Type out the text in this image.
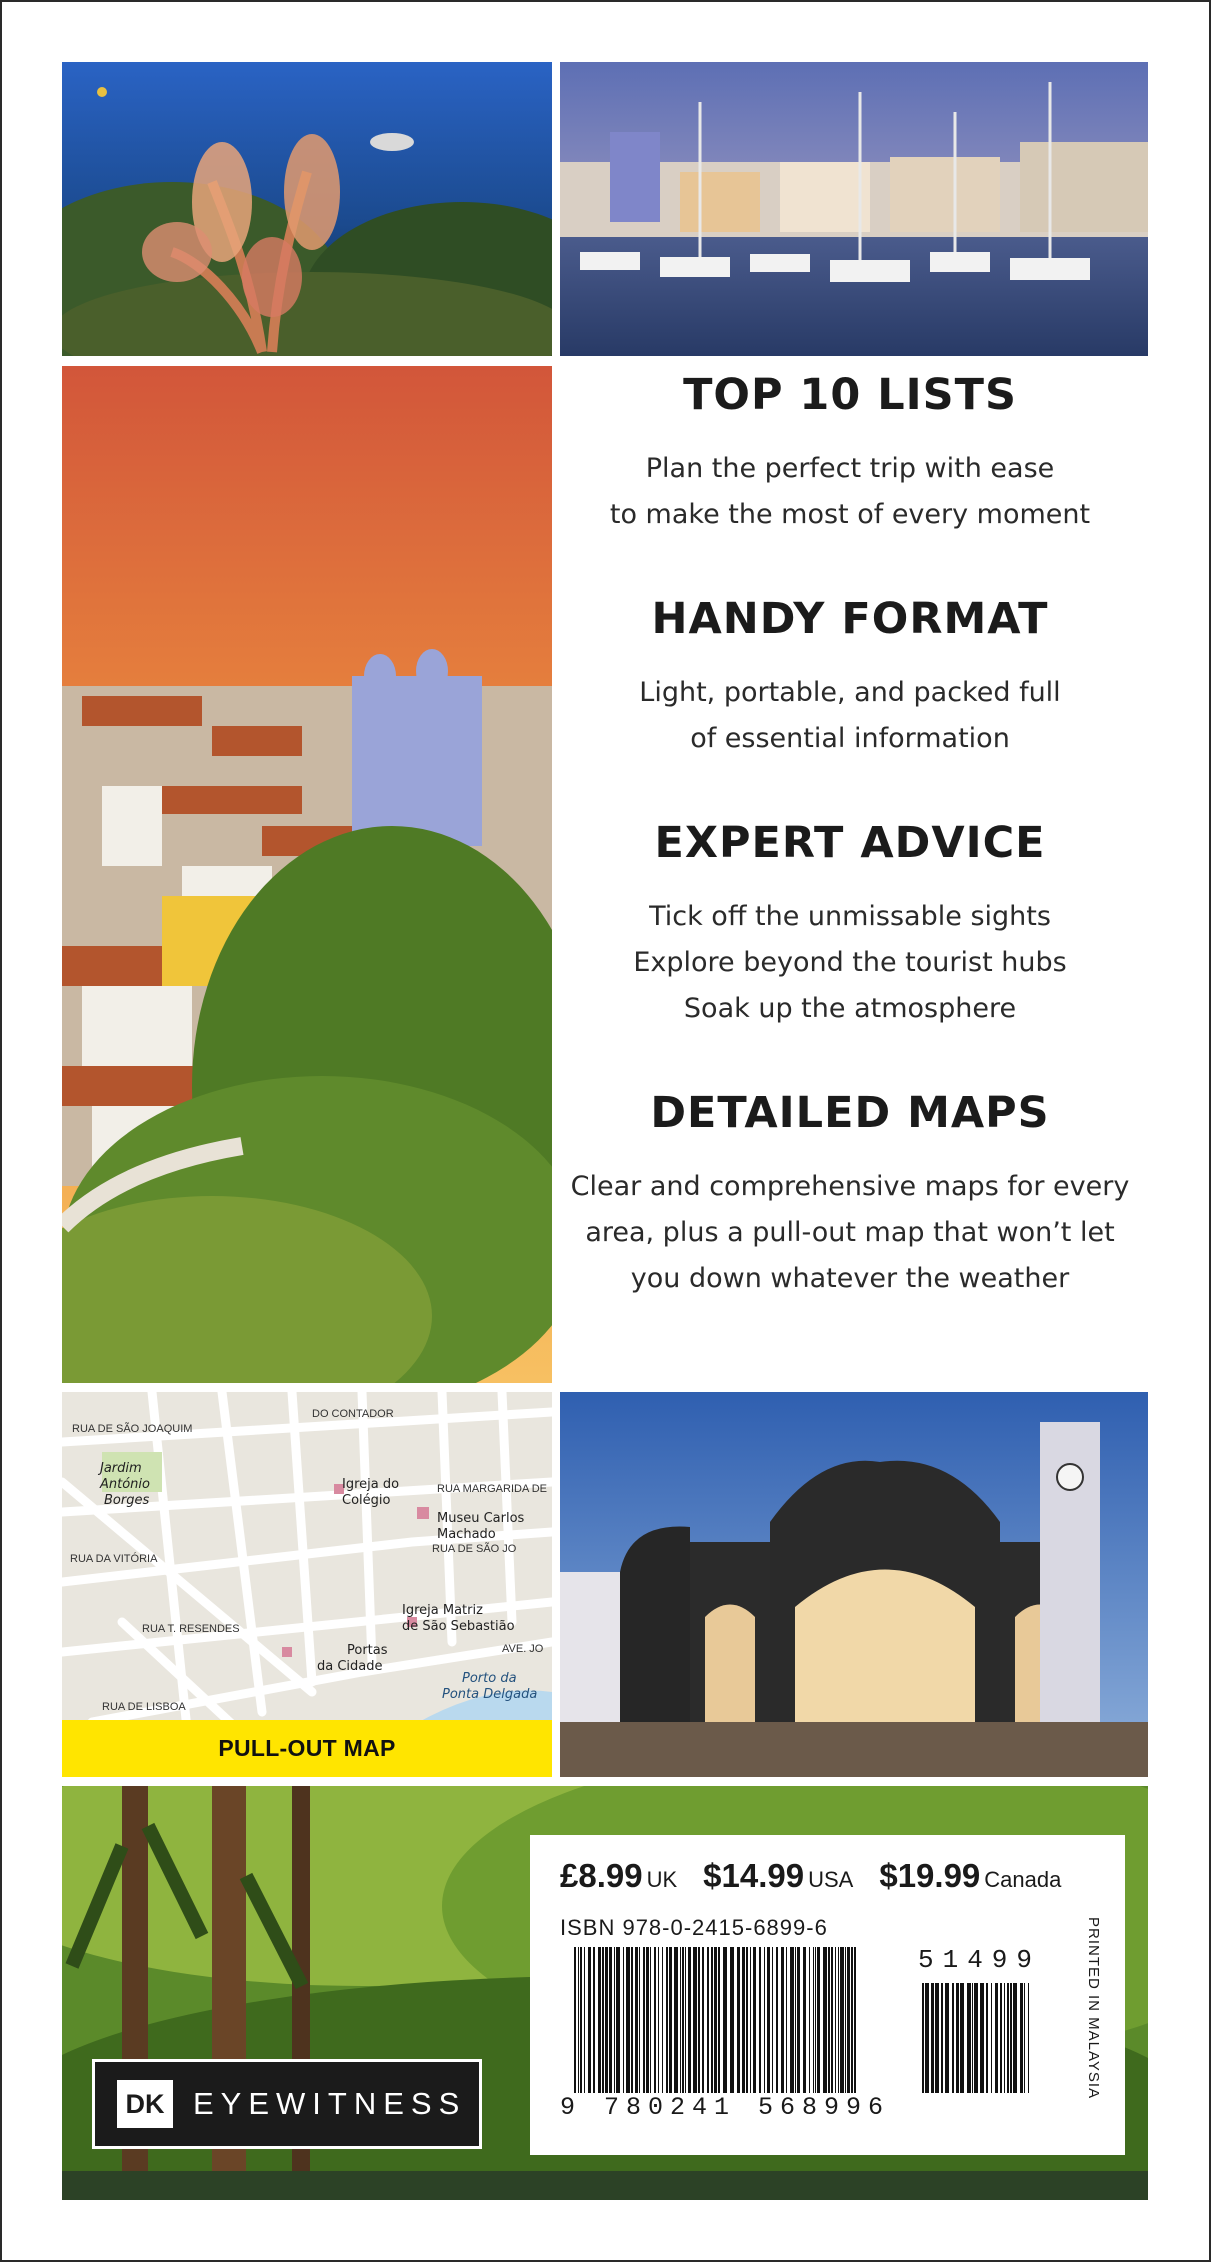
TOP 10 LISTS

Plan the perfect trip with ease

to make the most of every moment

HANDY FORMAT

Light, portable, and packed full

of essential information

EXPERT ADVICE

Tick off the unmissable sights

Explore beyond the tourist hubs

Soak up the atmosphere

DETAILED MAPS

Clear and comprehensive maps for every

area, plus a pull-out map that won’t let

you down whatever the weather

RUA DE SÃO JOAQUIM
DO CONTADOR
RUA MARGARIDA DE
RUA DA VITÓRIA
RUA DE SÃO JO
RUA T. RESENDES
RUA DE LISBOA
AVE. JO
Jardim
António
Borges
Igreja do
Colégio
Museu Carlos
Machado
Igreja Matriz
de São Sebastião
Portas
da Cidade
Porto da
Ponta Delgada
PULL-OUT MAP
DK EYEWITNESS
£8.99 UK $14.99 USA $19.99 Canada
ISBN 978-0-2415-6899-6
51499
9 780241 568996
PRINTED IN MALAYSIA
